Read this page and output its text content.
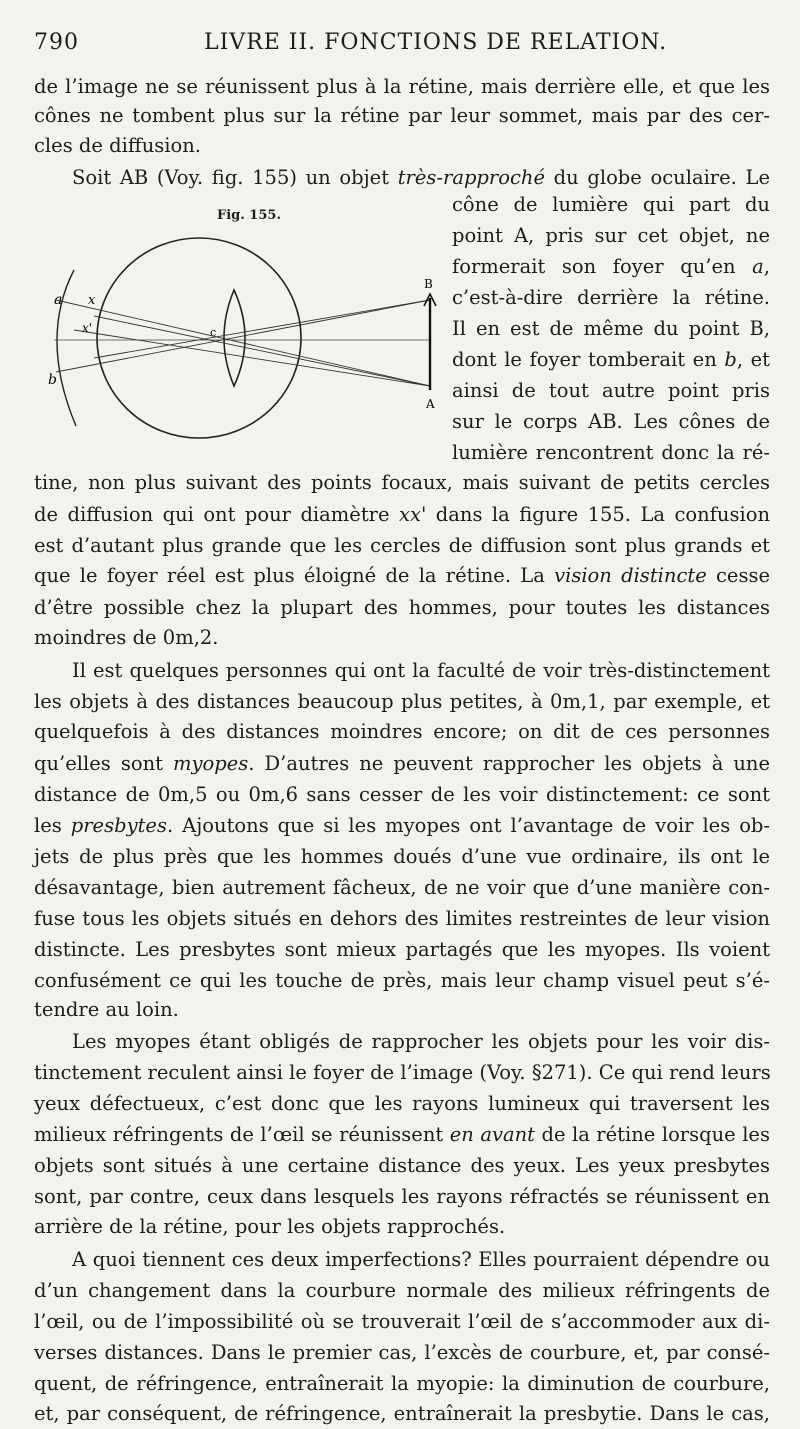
790	LIVRE II. FONCTIONS DE RELATION.
Fig. 155.
a x
x'
b
c
B
A
de l’image ne se réunissent plus à la rétine, mais derrière elle, et que les
cônes ne tombent plus sur la rétine par leur sommet, mais par des cer-
cles de diffusion.
Soit AB (Voy. fig. 155) un objet très-rapproché du globe oculaire. Le
cône de lumière qui part du
point A, pris sur cet objet, ne
formerait son foyer qu’en a,
c’est-à-dire derrière la rétine.
Il en est de même du point B,
dont le foyer tomberait en b, et
ainsi de tout autre point pris
sur le corps AB. Les cônes de
lumière rencontrent donc la ré-
tine, non plus suivant des points focaux, mais suivant de petits cercles
de diffusion qui ont pour diamètre xx' dans la figure 155. La confusion
est d’autant plus grande que les cercles de diffusion sont plus grands et
que le foyer réel est plus éloigné de la rétine. La vision distincte cesse
d’être possible chez la plupart des hommes, pour toutes les distances
moindres de 0m,2.
Il est quelques personnes qui ont la faculté de voir très-distinctement
les objets à des distances beaucoup plus petites, à 0m,1, par exemple, et
quelquefois à des distances moindres encore; on dit de ces personnes
qu’elles sont myopes. D’autres ne peuvent rapprocher les objets à une
distance de 0m,5 ou 0m,6 sans cesser de les voir distinctement: ce sont
les presbytes. Ajoutons que si les myopes ont l’avantage de voir les ob-
jets de plus près que les hommes doués d’une vue ordinaire, ils ont le
désavantage, bien autrement fâcheux, de ne voir que d’une manière con-
fuse tous les objets situés en dehors des limites restreintes de leur vision
distincte. Les presbytes sont mieux partagés que les myopes. Ils voient
confusément ce qui les touche de près, mais leur champ visuel peut s’é-
tendre au loin.
Les myopes étant obligés de rapprocher les objets pour les voir dis-
tinctement reculent ainsi le foyer de l’image (Voy. §271). Ce qui rend leurs
yeux défectueux, c’est donc que les rayons lumineux qui traversent les
milieux réfringents de l’œil se réunissent en avant de la rétine lorsque les
objets sont situés à une certaine distance des yeux. Les yeux presbytes
sont, par contre, ceux dans lesquels les rayons réfractés se réunissent en
arrière de la rétine, pour les objets rapprochés.
A quoi tiennent ces deux imperfections? Elles pourraient dépendre ou
d’un changement dans la courbure normale des milieux réfringents de
l’œil, ou de l’impossibilité où se trouverait l’œil de s’accommoder aux di-
verses distances. Dans le premier cas, l’excès de courbure, et, par consé-
quent, de réfringence, entraînerait la myopie: la diminution de courbure,
et, par conséquent, de réfringence, entraînerait la presbytie. Dans le cas,
